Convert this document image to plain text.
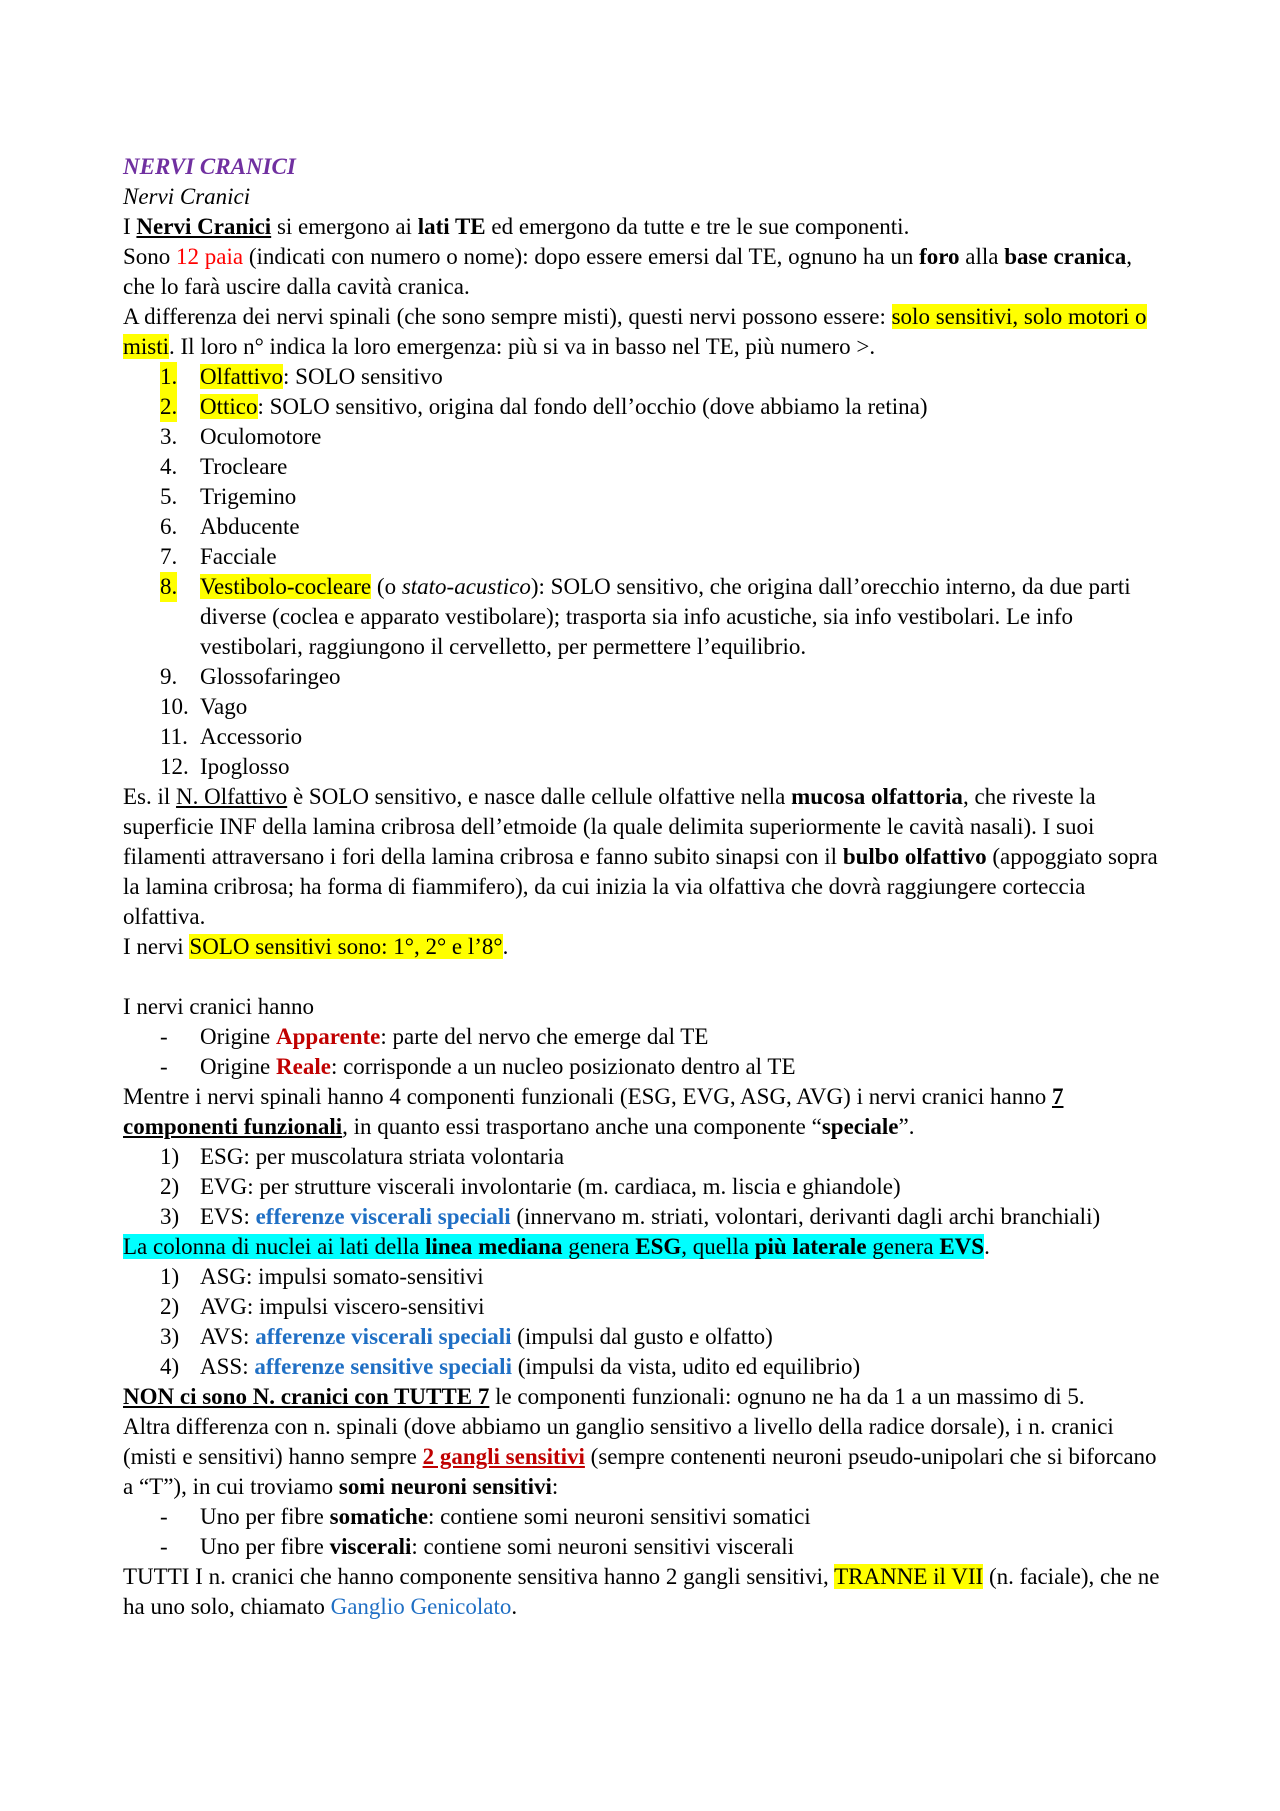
NERVI CRANICI

Nervi Cranici

I Nervi Cranici si emergono ai lati TE ed emergono da tutte e tre le sue componenti.

Sono 12 paia (indicati con numero o nome): dopo essere emersi dal TE, ognuno ha un foro alla base cranica, che lo farà uscire dalla cavità cranica.

A differenza dei nervi spinali (che sono sempre misti), questi nervi possono essere: solo sensitivi, solo motori o misti. Il loro n° indica la loro emergenza: più si va in basso nel TE, più numero >.

1. Olfattivo: SOLO sensitivo
2. Ottico: SOLO sensitivo, origina dal fondo dell’occhio (dove abbiamo la retina)
3. Oculomotore
4. Trocleare
5. Trigemino
6. Abducente
7. Facciale
8. Vestibolo-cocleare (o stato-acustico): SOLO sensitivo, che origina dall’orecchio interno, da due parti diverse (coclea e apparato vestibolare); trasporta sia info acustiche, sia info vestibolari. Le info vestibolari, raggiungono il cervelletto, per permettere l’equilibrio.
9. Glossofaringeo
10. Vago
11. Accessorio
12. Ipoglosso

Es. il N. Olfattivo è SOLO sensitivo, e nasce dalle cellule olfattive nella mucosa olfattoria, che riveste la superficie INF della lamina cribrosa dell’etmoide (la quale delimita superiormente le cavità nasali). I suoi filamenti attraversano i fori della lamina cribrosa e fanno subito sinapsi con il bulbo olfattivo (appoggiato sopra la lamina cribrosa; ha forma di fiammifero), da cui inizia la via olfattiva che dovrà raggiungere corteccia olfattiva.

I nervi SOLO sensitivi sono: 1°, 2° e l’8°.

I nervi cranici hanno

- Origine Apparente: parte del nervo che emerge dal TE
- Origine Reale: corrisponde a un nucleo posizionato dentro al TE

Mentre i nervi spinali hanno 4 componenti funzionali (ESG, EVG, ASG, AVG) i nervi cranici hanno 7 componenti funzionali, in quanto essi trasportano anche una componente “speciale”.

1) ESG: per muscolatura striata volontaria
2) EVG: per strutture viscerali involontarie (m. cardiaca, m. liscia e ghiandole)
3) EVS: efferenze viscerali speciali (innervano m. striati, volontari, derivanti dagli archi branchiali)

La colonna di nuclei ai lati della linea mediana genera ESG, quella più laterale genera EVS.

1) ASG: impulsi somato-sensitivi
2) AVG: impulsi viscero-sensitivi
3) AVS: afferenze viscerali speciali (impulsi dal gusto e olfatto)
4) ASS: afferenze sensitive speciali (impulsi da vista, udito ed equilibrio)

NON ci sono N. cranici con TUTTE 7 le componenti funzionali: ognuno ne ha da 1 a un massimo di 5.

Altra differenza con n. spinali (dove abbiamo un ganglio sensitivo a livello della radice dorsale), i n. cranici (misti e sensitivi) hanno sempre 2 gangli sensitivi (sempre contenenti neuroni pseudo-unipolari che si biforcano a “T”), in cui troviamo somi neuroni sensitivi:

- Uno per fibre somatiche: contiene somi neuroni sensitivi somatici
- Uno per fibre viscerali: contiene somi neuroni sensitivi viscerali

TUTTI I n. cranici che hanno componente sensitiva hanno 2 gangli sensitivi, TRANNE il VII (n. faciale), che ne ha uno solo, chiamato Ganglio Genicolato.
